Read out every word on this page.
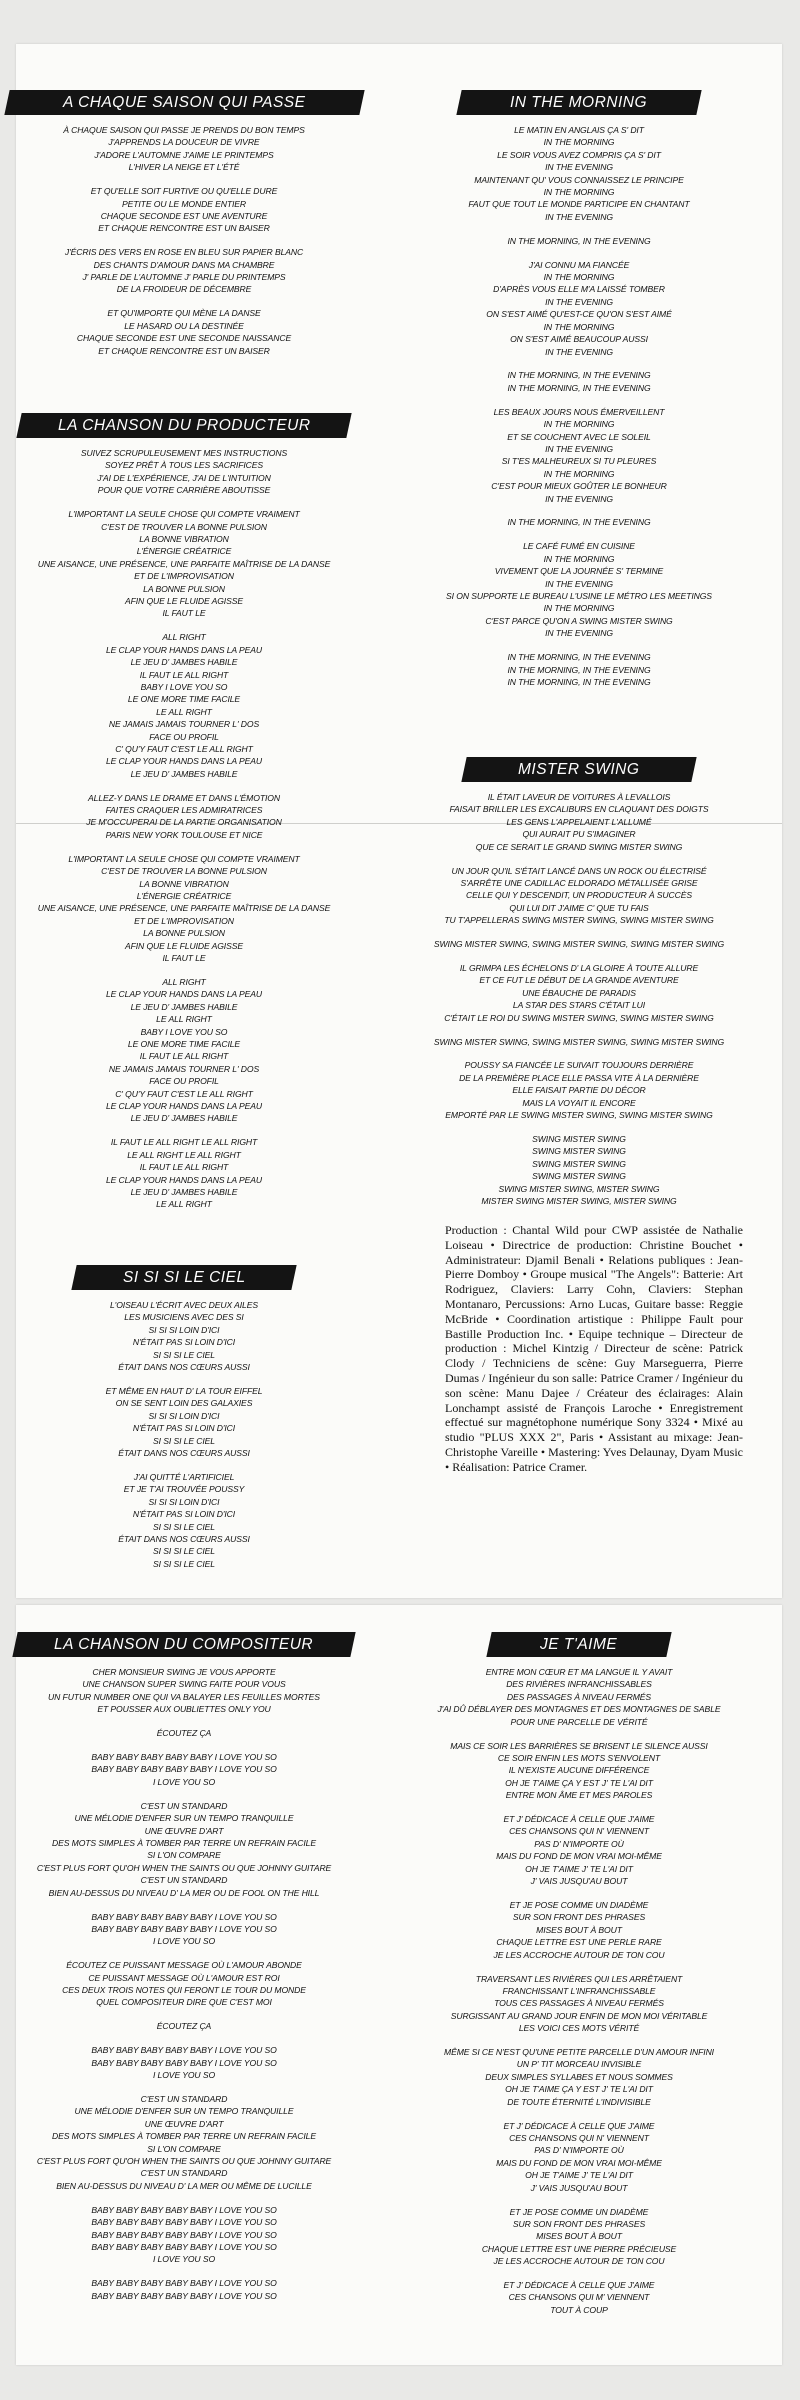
A CHAQUE SAISON QUI PASSE
À CHAQUE SAISON QUI PASSE JE PRENDS DU BON TEMPS
J'APPRENDS LA DOUCEUR DE VIVRE
J'ADORE L'AUTOMNE J'AIME LE PRINTEMPS
L'HIVER LA NEIGE ET L'ÉTÉ
ET QU'ELLE SOIT FURTIVE OU QU'ELLE DURE
PETITE OU LE MONDE ENTIER
CHAQUE SECONDE EST UNE AVENTURE
ET CHAQUE RENCONTRE EST UN BAISER
J'ÉCRIS DES VERS EN ROSE EN BLEU SUR PAPIER BLANC
DES CHANTS D'AMOUR DANS MA CHAMBRE
J' PARLE DE L'AUTOMNE J' PARLE DU PRINTEMPS
DE LA FROIDEUR DE DÉCEMBRE
ET QU'IMPORTE QUI MÈNE LA DANSE
LE HASARD OU LA DESTINÉE
CHAQUE SECONDE EST UNE SECONDE NAISSANCE
ET CHAQUE RENCONTRE EST UN BAISER
LA CHANSON DU PRODUCTEUR
SUIVEZ SCRUPULEUSEMENT MES INSTRUCTIONS
SOYEZ PRÊT À TOUS LES SACRIFICES
J'AI DE L'EXPÉRIENCE, J'AI DE L'INTUITION
POUR QUE VOTRE CARRIÈRE ABOUTISSE
L'IMPORTANT LA SEULE CHOSE QUI COMPTE VRAIMENT
C'EST DE TROUVER LA BONNE PULSION
LA BONNE VIBRATION
L'ÉNERGIE CRÉATRICE
UNE AISANCE, UNE PRÉSENCE, UNE PARFAITE MAÎTRISE DE LA DANSE
ET DE L'IMPROVISATION
LA BONNE PULSION
AFIN QUE LE FLUIDE AGISSE
IL FAUT LE
ALL RIGHT
LE CLAP YOUR HANDS DANS LA PEAU
LE JEU D' JAMBES HABILE
IL FAUT LE ALL RIGHT
BABY I LOVE YOU SO
LE ONE MORE TIME FACILE
LE ALL RIGHT
NE JAMAIS JAMAIS TOURNER L' DOS
FACE OU PROFIL
C' QU'Y FAUT C'EST LE ALL RIGHT
LE CLAP YOUR HANDS DANS LA PEAU
LE JEU D' JAMBES HABILE
ALLEZ-Y DANS LE DRAME ET DANS L'ÉMOTION
FAITES CRAQUER LES ADMIRATRICES
JE M'OCCUPERAI DE LA PARTIE ORGANISATION
PARIS NEW YORK TOULOUSE ET NICE
L'IMPORTANT LA SEULE CHOSE QUI COMPTE VRAIMENT
C'EST DE TROUVER LA BONNE PULSION
LA BONNE VIBRATION
L'ÉNERGIE CRÉATRICE
UNE AISANCE, UNE PRÉSENCE, UNE PARFAITE MAÎTRISE DE LA DANSE
ET DE L'IMPROVISATION
LA BONNE PULSION
AFIN QUE LE FLUIDE AGISSE
IL FAUT LE
ALL RIGHT
LE CLAP YOUR HANDS DANS LA PEAU
LE JEU D' JAMBES HABILE
LE ALL RIGHT
BABY I LOVE YOU SO
LE ONE MORE TIME FACILE
IL FAUT LE ALL RIGHT
NE JAMAIS JAMAIS TOURNER L' DOS
FACE OU PROFIL
C' QU'Y FAUT C'EST LE ALL RIGHT
LE CLAP YOUR HANDS DANS LA PEAU
LE JEU D' JAMBES HABILE
IL FAUT LE ALL RIGHT LE ALL RIGHT
LE ALL RIGHT LE ALL RIGHT
IL FAUT LE ALL RIGHT
LE CLAP YOUR HANDS DANS LA PEAU
LE JEU D' JAMBES HABILE
LE ALL RIGHT
SI SI SI LE CIEL
L'OISEAU L'ÉCRIT AVEC DEUX AILES
LES MUSICIENS AVEC DES SI
SI SI SI LOIN D'ICI
N'ÉTAIT PAS SI LOIN D'ICI
SI SI SI LE CIEL
ÉTAIT DANS NOS CŒURS AUSSI
ET MÊME EN HAUT D' LA TOUR EIFFEL
ON SE SENT LOIN DES GALAXIES
SI SI SI LOIN D'ICI
N'ÉTAIT PAS SI LOIN D'ICI
SI SI SI LE CIEL
ÉTAIT DANS NOS CŒURS AUSSI
J'AI QUITTÉ L'ARTIFICIEL
ET JE T'AI TROUVÉE POUSSY
SI SI SI LOIN D'ICI
N'ÉTAIT PAS SI LOIN D'ICI
SI SI SI LE CIEL
ÉTAIT DANS NOS CŒURS AUSSI
SI SI SI LE CIEL
SI SI SI LE CIEL
IN THE MORNING
LE MATIN EN ANGLAIS ÇA S' DIT
IN THE MORNING
LE SOIR VOUS AVEZ COMPRIS ÇA S' DIT
IN THE EVENING
MAINTENANT QU' VOUS CONNAISSEZ LE PRINCIPE
IN THE MORNING
FAUT QUE TOUT LE MONDE PARTICIPE EN CHANTANT
IN THE EVENING
IN THE MORNING, IN THE EVENING
J'AI CONNU MA FIANCÉE
IN THE MORNING
D'APRÈS VOUS ELLE M'A LAISSÉ TOMBER
IN THE EVENING
ON S'EST AIMÉ QU'EST-CE QU'ON S'EST AIMÉ
IN THE MORNING
ON S'EST AIMÉ BEAUCOUP AUSSI
IN THE EVENING
IN THE MORNING, IN THE EVENING
IN THE MORNING, IN THE EVENING
LES BEAUX JOURS NOUS ÉMERVEILLENT
IN THE MORNING
ET SE COUCHENT AVEC LE SOLEIL
IN THE EVENING
SI T'ES MALHEUREUX SI TU PLEURES
IN THE MORNING
C'EST POUR MIEUX GOÛTER LE BONHEUR
IN THE EVENING
IN THE MORNING, IN THE EVENING
LE CAFÉ FUMÉ EN CUISINE
IN THE MORNING
VIVEMENT QUE LA JOURNÉE S' TERMINE
IN THE EVENING
SI ON SUPPORTE LE BUREAU L'USINE LE MÉTRO LES MEETINGS
IN THE MORNING
C'EST PARCE QU'ON A SWING MISTER SWING
IN THE EVENING
IN THE MORNING, IN THE EVENING
IN THE MORNING, IN THE EVENING
IN THE MORNING, IN THE EVENING
MISTER SWING
IL ÉTAIT LAVEUR DE VOITURES À LEVALLOIS
FAISAIT BRILLER LES EXCALIBURS EN CLAQUANT DES DOIGTS
LES GENS L'APPELAIENT L'ALLUMÉ
QUI AURAIT PU S'IMAGINER
QUE CE SERAIT LE GRAND SWING MISTER SWING
UN JOUR QU'IL S'ÉTAIT LANCÉ DANS UN ROCK OU ÉLECTRISÉ
S'ARRÊTE UNE CADILLAC ELDORADO MÉTALLISÉE GRISE
CELLE QUI Y DESCENDIT, UN PRODUCTEUR À SUCCÈS
QUI LUI DIT J'AIME C' QUE TU FAIS
TU T'APPELLERAS SWING MISTER SWING, SWING MISTER SWING
SWING MISTER SWING, SWING MISTER SWING, SWING MISTER SWING
IL GRIMPA LES ÉCHELONS D' LA GLOIRE À TOUTE ALLURE
ET CE FUT LE DÉBUT DE LA GRANDE AVENTURE
UNE ÉBAUCHE DE PARADIS
LA STAR DES STARS C'ÉTAIT LUI
C'ÉTAIT LE ROI DU SWING MISTER SWING, SWING MISTER SWING
SWING MISTER SWING, SWING MISTER SWING, SWING MISTER SWING
POUSSY SA FIANCÉE LE SUIVAIT TOUJOURS DERRIÈRE
DE LA PREMIÈRE PLACE ELLE PASSA VITE À LA DERNIÈRE
ELLE FAISAIT PARTIE DU DÉCOR
MAIS LA VOYAIT IL ENCORE
EMPORTÉ PAR LE SWING MISTER SWING, SWING MISTER SWING
SWING MISTER SWING
SWING MISTER SWING
SWING MISTER SWING
SWING MISTER SWING
SWING MISTER SWING, MISTER SWING
MISTER SWING MISTER SWING, MISTER SWING
Production : Chantal Wild pour CWP assistée de Nathalie Loiseau • Directrice de production: Christine Bouchet • Administrateur: Djamil Benali • Relations publiques : Jean-Pierre Domboy • Groupe musical "The Angels": Batterie: Art Rodriguez, Claviers: Larry Cohn, Claviers: Stephan Montanaro, Percussions: Arno Lucas, Guitare basse: Reggie McBride • Coordination artistique : Philippe Fault pour Bastille Production Inc. • Equipe technique – Directeur de production : Michel Kintzig / Directeur de scène: Patrick Clody / Techniciens de scène: Guy Marseguerra, Pierre Dumas / Ingénieur du son salle: Patrice Cramer / Ingénieur du son scène: Manu Dajee / Créateur des éclairages: Alain Lonchampt assisté de François Laroche • Enregistrement effectué sur magnétophone numérique Sony 3324 • Mixé au studio "PLUS XXX 2", Paris • Assistant au mixage: Jean-Christophe Vareille • Mastering: Yves Delaunay, Dyam Music • Réalisation: Patrice Cramer.
LA CHANSON DU COMPOSITEUR
CHER MONSIEUR SWING JE VOUS APPORTE
UNE CHANSON SUPER SWING FAITE POUR VOUS
UN FUTUR NUMBER ONE QUI VA BALAYER LES FEUILLES MORTES
ET POUSSER AUX OUBLIETTES ONLY YOU
ÉCOUTEZ ÇA
BABY BABY BABY BABY BABY I LOVE YOU SO
BABY BABY BABY BABY BABY I LOVE YOU SO
I LOVE YOU SO
C'EST UN STANDARD
UNE MÉLODIE D'ENFER SUR UN TEMPO TRANQUILLE
UNE ŒUVRE D'ART
DES MOTS SIMPLES À TOMBER PAR TERRE UN REFRAIN FACILE
SI L'ON COMPARE
C'EST PLUS FORT QU'OH WHEN THE SAINTS OU QUE JOHNNY GUITARE
C'EST UN STANDARD
BIEN AU-DESSUS DU NIVEAU D' LA MER OU DE FOOL ON THE HILL
BABY BABY BABY BABY BABY I LOVE YOU SO
BABY BABY BABY BABY BABY I LOVE YOU SO
I LOVE YOU SO
ÉCOUTEZ CE PUISSANT MESSAGE OÙ L'AMOUR ABONDE
CE PUISSANT MESSAGE OÙ L'AMOUR EST ROI
CES DEUX TROIS NOTES QUI FERONT LE TOUR DU MONDE
QUEL COMPOSITEUR DIRE QUE C'EST MOI
ÉCOUTEZ ÇA
BABY BABY BABY BABY BABY I LOVE YOU SO
BABY BABY BABY BABY BABY I LOVE YOU SO
I LOVE YOU SO
C'EST UN STANDARD
UNE MÉLODIE D'ENFER SUR UN TEMPO TRANQUILLE
UNE ŒUVRE D'ART
DES MOTS SIMPLES À TOMBER PAR TERRE UN REFRAIN FACILE
SI L'ON COMPARE
C'EST PLUS FORT QU'OH WHEN THE SAINTS OU QUE JOHNNY GUITARE
C'EST UN STANDARD
BIEN AU-DESSUS DU NIVEAU D' LA MER OU MÊME DE LUCILLE
BABY BABY BABY BABY BABY I LOVE YOU SO
BABY BABY BABY BABY BABY I LOVE YOU SO
BABY BABY BABY BABY BABY I LOVE YOU SO
BABY BABY BABY BABY BABY I LOVE YOU SO
I LOVE YOU SO
BABY BABY BABY BABY BABY I LOVE YOU SO
BABY BABY BABY BABY BABY I LOVE YOU SO
JE T'AIME
ENTRE MON CŒUR ET MA LANGUE IL Y AVAIT
DES RIVIÈRES INFRANCHISSABLES
DES PASSAGES À NIVEAU FERMÉS
J'AI DÛ DÉBLAYER DES MONTAGNES ET DES MONTAGNES DE SABLE
POUR UNE PARCELLE DE VÉRITÉ
MAIS CE SOIR LES BARRIÈRES SE BRISENT LE SILENCE AUSSI
CE SOIR ENFIN LES MOTS S'ENVOLENT
IL N'EXISTE AUCUNE DIFFÉRENCE
OH JE T'AIME ÇA Y EST J' TE L'AI DIT
ENTRE MON ÂME ET MES PAROLES
ET J' DÉDICACE À CELLE QUE J'AIME
CES CHANSONS QUI N' VIENNENT
PAS D' N'IMPORTE OÙ
MAIS DU FOND DE MON VRAI MOI-MÊME
OH JE T'AIME J' TE L'AI DIT
J' VAIS JUSQU'AU BOUT
ET JE POSE COMME UN DIADÈME
SUR SON FRONT DES PHRASES
MISES BOUT À BOUT
CHAQUE LETTRE EST UNE PERLE RARE
JE LES ACCROCHE AUTOUR DE TON COU
TRAVERSANT LES RIVIÈRES QUI LES ARRÊTAIENT
FRANCHISSANT L'INFRANCHISSABLE
TOUS CES PASSAGES À NIVEAU FERMÉS
SURGISSANT AU GRAND JOUR ENFIN DE MON MOI VÉRITABLE
LES VOICI CES MOTS VÉRITÉ
MÊME SI CE N'EST QU'UNE PETITE PARCELLE D'UN AMOUR INFINI
UN P' TIT MORCEAU INVISIBLE
DEUX SIMPLES SYLLABES ET NOUS SOMMES
OH JE T'AIME ÇA Y EST J' TE L'AI DIT
DE TOUTE ÉTERNITÉ L'INDIVISIBLE
ET J' DÉDICACE À CELLE QUE J'AIME
CES CHANSONS QUI N' VIENNENT
PAS D' N'IMPORTE OÙ
MAIS DU FOND DE MON VRAI MOI-MÊME
OH JE T'AIME J' TE L'AI DIT
J' VAIS JUSQU'AU BOUT
ET JE POSE COMME UN DIADÈME
SUR SON FRONT DES PHRASES
MISES BOUT À BOUT
CHAQUE LETTRE EST UNE PIERRE PRÉCIEUSE
JE LES ACCROCHE AUTOUR DE TON COU
ET J' DÉDICACE À CELLE QUE J'AIME
CES CHANSONS QUI M' VIENNENT
TOUT À COUP
